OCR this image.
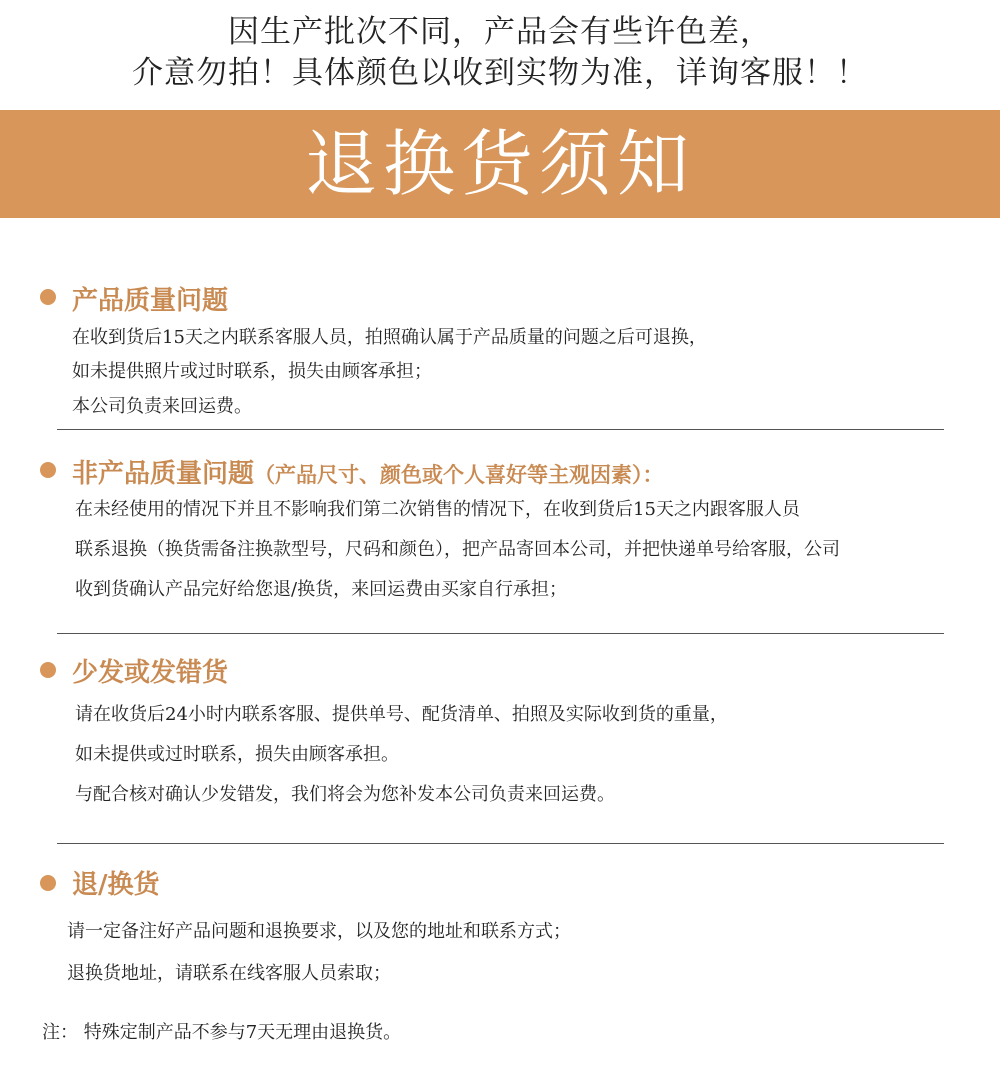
因生产批次不同，产品会有些许色差，
介意勿拍！具体颜色以收到实物为准，详询客服！！
退换货须知
产品质量问题
在收到货后15天之内联系客服人员，拍照确认属于产品质量的问题之后可退换，
如未提供照片或过时联系，损失由顾客承担；
本公司负责来回运费。
非产品质量问题（产品尺寸、颜色或个人喜好等主观因素）：
在未经使用的情况下并且不影响我们第二次销售的情况下，在收到货后15天之内跟客服人员
联系退换（换货需备注换款型号，尺码和颜色），把产品寄回本公司，并把快递单号给客服，公司
收到货确认产品完好给您退/换货，来回运费由买家自行承担；
少发或发错货
请在收货后24小时内联系客服、提供单号、配货清单、拍照及实际收到货的重量，
如未提供或过时联系，损失由顾客承担。
与配合核对确认少发错发，我们将会为您补发本公司负责来回运费。
退/换货
请一定备注好产品问题和退换要求，以及您的地址和联系方式；
退换货地址，请联系在线客服人员索取；
注： 特殊定制产品不参与7天无理由退换货。
